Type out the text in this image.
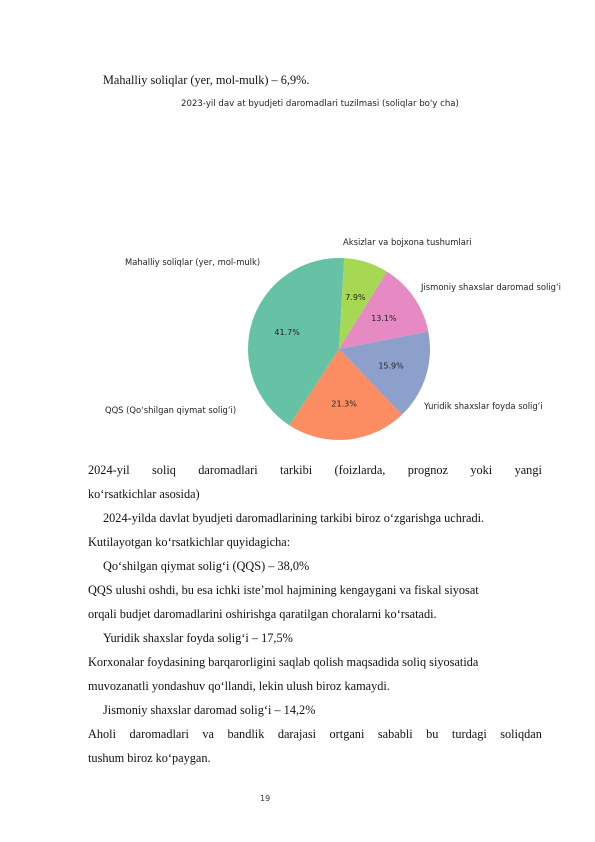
Mahalliy soliqlar (yer, mol-mulk) – 6,9%.
2023-yil dav at byudjeti daromadlari tuzilmasi (soliqlar bo'y cha)
41.7%
QQS (Qo‘shilgan qiymat solig‘i)
7.9%
Mahalliy soliqlar (yer, mol-mulk)
13.1%
Aksizlar va bojxona tushumlari
15.9%
Jismoniy shaxslar daromad solig‘i
21.3%	Yuridik shaxslar foyda solig‘i
2024-yil soliq daromadlari tarkibi (foizlarda, prognoz yoki yangi
ko‘rsatkichlar asosida)
2024-yilda davlat byudjeti daromadlarining tarkibi biroz o‘zgarishga uchradi.
Kutilayotgan ko‘rsatkichlar quyidagicha:
Qo‘shilgan qiymat solig‘i (QQS) – 38,0%
QQS ulushi oshdi, bu esa ichki iste’mol hajmining kengaygani va fiskal siyosat
orqali budjet daromadlarini oshirishga qaratilgan choralarni ko‘rsatadi.
Yuridik shaxslar foyda solig‘i – 17,5%
Korxonalar foydasining barqarorligini saqlab qolish maqsadida soliq siyosatida
muvozanatli yondashuv qo‘llandi, lekin ulush biroz kamaydi.
Jismoniy shaxslar daromad solig‘i – 14,2%
Aholi daromadlari va bandlik darajasi ortgani sababli bu turdagi soliqdan
tushum biroz ko‘paygan.
19
